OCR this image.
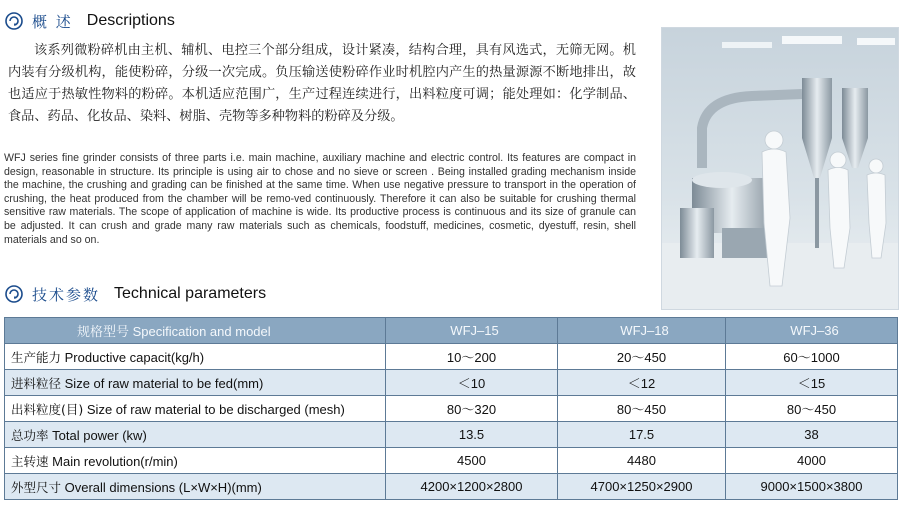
概 述 Descriptions

该系列微粉碎机由主机、辅机、电控三个部分组成，设计紧凑，结构合理，具有风选式，无筛无网。机内装有分级机构，能使粉碎，分级一次完成。负压输送使粉碎作业时机腔内产生的热量源源不断地排出，故也适应于热敏性物料的粉碎。本机适应范围广，生产过程连续进行，出料粒度可调；能处理如：化学制品、食品、药品、化妆品、染料、树脂、壳物等多种物料的粉碎及分级。

WFJ series fine grinder consists of three parts i.e. main machine, auxiliary machine and electric control. Its features are compact in design, reasonable in structure. Its principle is using air to chose and no sieve or screen . Being installed grading mechanism inside the machine, the crushing and grading can be finished at the same time. When use negative pressure to transport in the operation of crushing, the heat produced from the chamber will be remo-ved continuously. Therefore it can also be suitable for crushing thermal sensitive raw materials. The scope of application of machine is wide. Its productive process is continuous and its size of granule can be adjusted. It can crush and grade many raw materials such as chemicals, foodstuff, medicines, cosmetic, dyestuff, resin, shell materials and so on.

技术参数 Technical parameters
规格型号 Specification and model	WFJ–15	WFJ–18	WFJ–36
生产能力 Productive capacit(kg/h)	10～200	20～450	60～1000
进料粒径 Size of raw material to be fed(mm)	＜10	＜12	＜15
出料粒度(目) Size of raw material to be discharged (mesh)	80～320	80～450	80～450
总功率 Total power (kw)	13.5	17.5	38
主转速 Main revolution(r/min)	4500	4480	4000
外型尺寸 Overall dimensions (L×W×H)(mm)	4200×1200×2800	4700×1250×2900	9000×1500×3800
